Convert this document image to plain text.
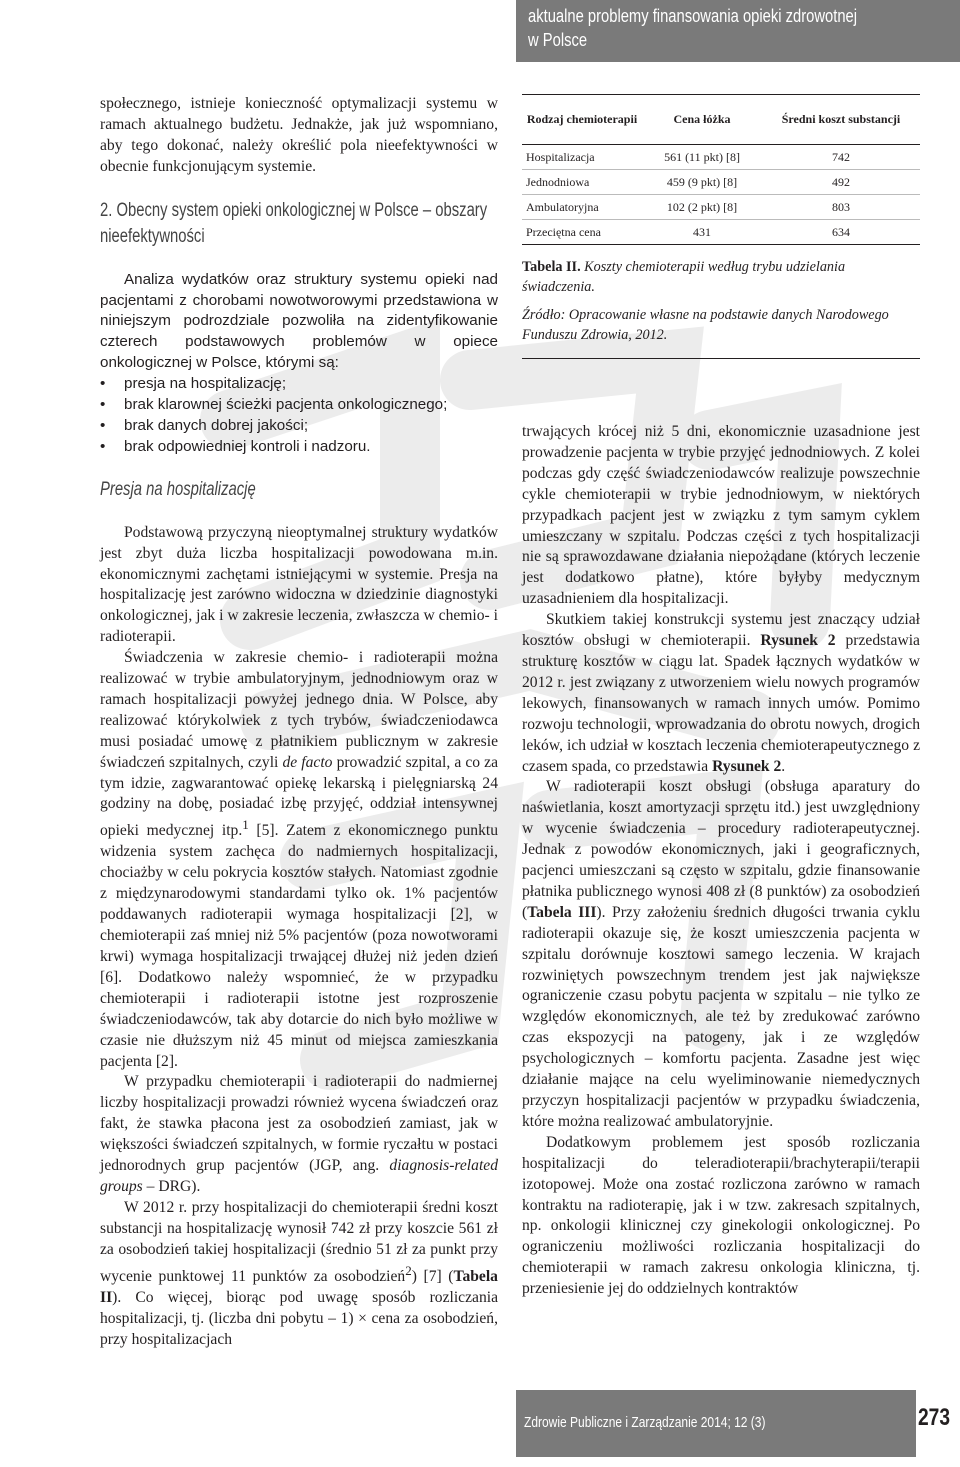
aktualne problemy finansowania opieki zdrowotnej
w Polsce

społecznego, istnieje konieczność optymalizacji systemu w ramach aktualnego budżetu. Jednakże, jak już wspomniano, aby tego dokonać, należy określić pola nieefektywności w obecnie funkcjonującym systemie.

2. Obecny system opieki onkologicznej w Polsce – obszary nieefektywności

Analiza wydatków oraz struktury systemu opieki nad pacjentami z chorobami nowotworowymi przedstawiona w niniejszym podrozdziale pozwoliła na zidentyfikowanie czterech podstawowych problemów w opiece onkologicznej w Polsce, którymi są:

• presja na hospitalizację;
• brak klarownej ścieżki pacjenta onkologicznego;
• brak danych dobrej jakości;
• brak odpowiedniej kontroli i nadzoru.
Presja na hospitalizację

Podstawową przyczyną nieoptymalnej struktury wydatków jest zbyt duża liczba hospitalizacji powodowana m.in. ekonomicznymi zachętami istniejącymi w systemie. Presja na hospitalizację jest zarówno widoczna w dziedzinie diagnostyki onkologicznej, jak i w zakresie leczenia, zwłaszcza w chemio- i radioterapii.

Świadczenia w zakresie chemio- i radioterapii można realizować w trybie ambulatoryjnym, jednodniowym oraz w ramach hospitalizacji powyżej jednego dnia. W Polsce, aby realizować którykolwiek z tych trybów, świadczeniodawca musi posiadać umowę z płatnikiem publicznym w zakresie świadczeń szpitalnych, czyli de facto prowadzić szpital, a co za tym idzie, zagwarantować opiekę lekarską i pielęgniarską 24 godziny na dobę, posiadać izbę przyjęć, oddział intensywnej opieki medycznej itp.$^1$ [5]. Zatem z ekonomicznego punktu widzenia system zachęca do nadmiernych hospitalizacji, chociażby w celu pokrycia kosztów stałych. Natomiast zgodnie z międzynarodowymi standardami tylko ok. 1% pacjentów poddawanych radioterapii wymaga hospitalizacji [2], w chemioterapii zaś mniej niż 5% pacjentów (poza nowotworami krwi) wymaga hospitalizacji trwającej dłużej niż jeden dzień [6]. Dodatkowo należy wspomnieć, że w przypadku chemioterapii i radioterapii istotne jest rozproszenie świadczeniodawców, tak aby dotarcie do nich było możliwe w czasie nie dłuższym niż 45 minut od miejsca zamieszkania pacjenta [2].

W przypadku chemioterapii i radioterapii do nadmiernej liczby hospitalizacji prowadzi również wycena świadczeń oraz fakt, że stawka płacona jest za osobodzień zamiast, jak w większości świadczeń szpitalnych, w formie ryczałtu w postaci jednorodnych grup pacjentów (JGP, ang. diagnosis-related groups – DRG).

W 2012 r. przy hospitalizacji do chemioterapii średni koszt substancji na hospitalizację wynosił 742 zł przy koszcie 561 zł za osobodzień takiej hospitalizacji (średnio 51 zł za punkt przy wycenie punktowej 11 punktów za osobodzień$^2$) [7] (Tabela II). Co więcej, biorąc pod uwagę sposób rozliczania hospitalizacji, tj. (liczba dni pobytu – 1) × cena za osobodzień, przy hospitalizacjach

Rodzaj chemioterapii	Cena łóżka	Średni koszt substancji
Hospitalizacja	561 (11 pkt) [8]	742
Jednodniowa	459 (9 pkt) [8]	492
Ambulatoryjna	102 (2 pkt) [8]	803
Przeciętna cena	431	634

Tabela II. Koszty chemioterapii według trybu udzielania świadczenia.

Źródło: Opracowanie własne na podstawie danych Narodowego Funduszu Zdrowia, 2012.

trwających krócej niż 5 dni, ekonomicznie uzasadnione jest prowadzenie pacjenta w trybie przyjęć jednodniowych. Z kolei podczas gdy część świadczeniodawców realizuje powszechnie cykle chemioterapii w trybie jednodniowym, w niektórych przypadkach pacjent jest w związku z tym samym cyklem umieszczany w szpitalu. Podczas części z tych hospitalizacji nie są sprawozdawane działania niepożądane (których leczenie jest dodatkowo płatne), które byłyby medycznym uzasadnieniem dla hospitalizacji.

Skutkiem takiej konstrukcji systemu jest znaczący udział kosztów obsługi w chemioterapii. Rysunek 2 przedstawia strukturę kosztów w ciągu lat. Spadek łącznych wydatków w 2012 r. jest związany z utworzeniem wielu nowych programów lekowych, finansowanych w ramach innych umów. Pomimo rozwoju technologii, wprowadzania do obrotu nowych, drogich leków, ich udział w kosztach leczenia chemioterapeutycznego z czasem spada, co przedstawia Rysunek 2.

W radioterapii koszt obsługi (obsługa aparatury do naświetlania, koszt amortyzacji sprzętu itd.) jest uwzględniony w wycenie świadczenia – procedury radioterapeutycznej. Jednak z powodów ekonomicznych, jaki i geograficznych, pacjenci umieszczani są często w szpitalu, gdzie finansowanie płatnika publicznego wynosi 408 zł (8 punktów) za osobodzień (Tabela III). Przy założeniu średnich długości trwania cyklu radioterapii okazuje się, że koszt umieszczenia pacjenta w szpitalu dorównuje kosztowi samego leczenia. W krajach rozwiniętych powszechnym trendem jest jak największe ograniczenie czasu pobytu pacjenta w szpitalu – nie tylko ze względów ekonomicznych, ale też by zredukować zarówno czas ekspozycji na patogeny, jak i ze względów psychologicznych – komfortu pacjenta. Zasadne jest więc działanie mające na celu wyeliminowanie niemedycznych przyczyn hospitalizacji pacjentów w przypadku świadczenia, które można realizować ambulatoryjnie.

Dodatkowym problemem jest sposób rozliczania hospitalizacji do teleradioterapii/brachyterapii/terapii izotopowej. Może ona zostać rozliczona zarówno w ramach kontraktu na radioterapię, jak i w tzw. zakresach szpitalnych, np. onkologii klinicznej czy ginekologii onkologicznej. Po ograniczeniu możliwości rozliczania hospitalizacji do chemioterapii w ramach zakresu onkologia kliniczna, tj. przeniesienie jej do oddzielnych kontraktów

Zdrowie Publiczne i Zarządzanie 2014; 12 (3)	273
